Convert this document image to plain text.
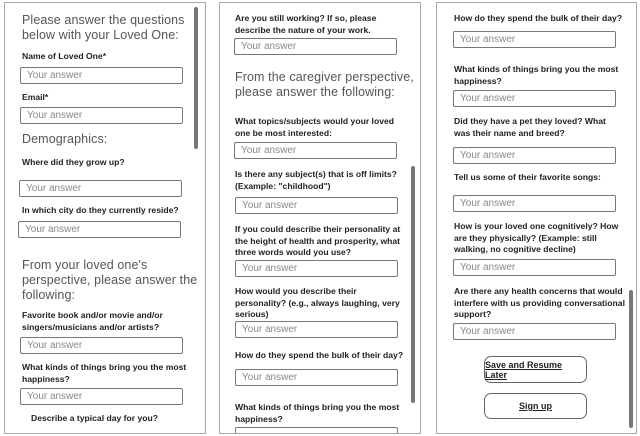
Please answer the questions below with your Loved One:
Name of Loved One*
Your answer
Email*
Your answer
Demographics:
Where did they grow up?
Your answer
In which city do they currently reside?
Your answer
From your loved one's perspective, please answer the following:
Favorite book and/or movie and/or singers/musicians and/or artists?
Your answer
What kinds of things bring you the most happiness?
Your answer
Describe a typical day for you?
Are you still working? If so, please describe the nature of your work.
Your answer
From the caregiver perspective, please answer the following:
What topics/subjects would your loved one be most interested:
Your answer
Is there any subject(s) that is off limits? (Example: "childhood")
Your answer
If you could describe their personality at the height of health and prosperity, what three words would you use?
Your answer
How would you describe their personality? (e.g., always laughing, very serious)
Your answer
How do they spend the bulk of their day?
Your answer
What kinds of things bring you the most happiness?
How do they spend the bulk of their day?
Your answer
What kinds of things bring you the most happiness?
Your answer
Did they have a pet they loved? What was their name and breed?
Your answer
Tell us some of their favorite songs:
Your answer
How is your loved one cognitively? How are they physically? (Example: still walking, no cognitive decline)
Your answer
Are there any health concerns that would interfere with us providing conversational support?
Your answer
Save and Resume Later
Sign up
